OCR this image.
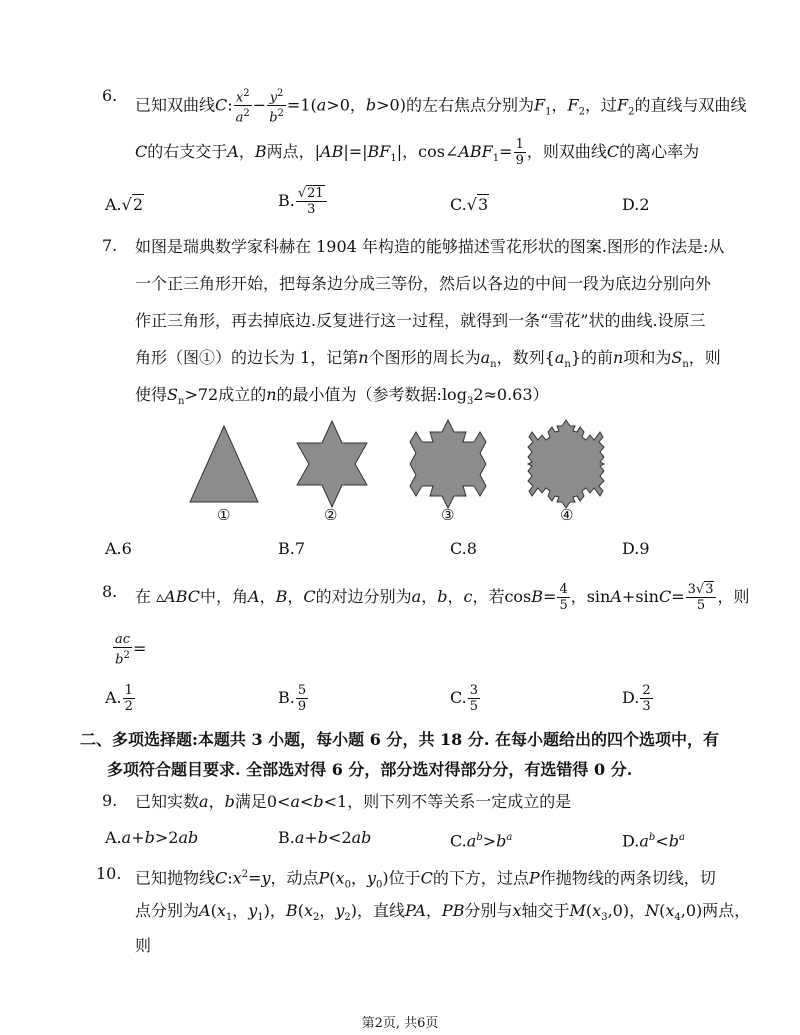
6. 已知双曲线C: $\frac{x^2}{a^2} - \frac{y^2}{b^2} =1(a>0$，b>0)的左右焦点分别为$F_1$，$F_2$，过$F_2$的直线与双曲线
C的右支交于A，B两点，$|AB|=|BF_1|$，$\cos\angle ABF_1= \frac{1}{9}$ ，则双曲线C的离心率为
A.√2	B. $\frac{√21}{3}$	C.√3	D.2
7. 如图是瑞典数学家科赫在 1904 年构造的能够描述雪花形状的图案.图形的作法是:从
一个正三角形开始，把每条边分成三等份，然后以各边的中间一段为底边分别向外
作正三角形，再去掉底边.反复进行这一过程，就得到一条“雪花”状的曲线.设原三
角形（图①）的边长为 1，记第n个图形的周长为$a_n$，数列$\{a_n\}$的前n项和为$S_n$，则
使得$S_n>72$成立的n的最小值为（参考数据$:\log_32\approx 0.63$）
①	②	③	④
A.6	B.7	C.8	D.9
8. 在 ▵ABC中，角A，B，C的对边分别为a，b，c，若$\cos B= \frac{4}{5}$ ，$\sin A+\sin C= \frac{3√3}{5}$ ，则
$\frac{ac}{b^2}$ =
A. $\frac{1}{2}$	B. $\frac{5}{9}$	C. $\frac{3}{5}$	D. $\frac{2}{3}$
二、多项选择题:本题共 3 小题，每小题 6 分，共 18 分. 在每小题给出的四个选项中，有
多项符合题目要求. 全部选对得 6 分，部分选对得部分分，有选错得 0 分.
9. 已知实数a，b满足0<a<b<1，则下列不等关系一定成立的是
A.a+b>2ab	B.a+b<2ab	$C.a^b>b^a$	$D.a^b<b^a$
10. 已知抛物线$C:x^2=y$，动点$P(x_0$，$y_0$)位于C的下方，过点P作抛物线的两条切线，切
点分别为$A(x_1$，$y_1$)，$B(x_2$，$y_2$)，直线PA，PB分别与x轴交于$M(x_3,0)$，$N(x_4,0)$两点，
则
第2页, 共6页
